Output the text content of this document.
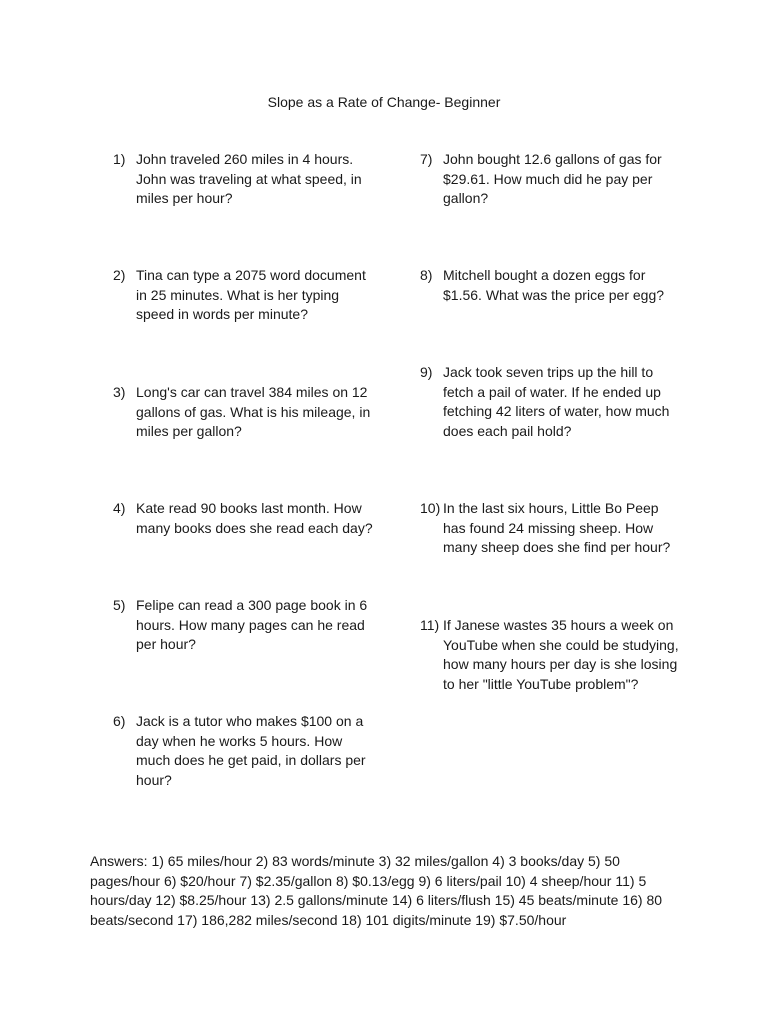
Slope as a Rate of Change- Beginner
1) John traveled 260 miles in 4 hours. John was traveling at what speed, in miles per hour?
2) Tina can type a 2075 word document in 25 minutes. What is her typing speed in words per minute?
3) Long's car can travel 384 miles on 12 gallons of gas. What is his mileage, in miles per gallon?
4) Kate read 90 books last month. How many books does she read each day?
5) Felipe can read a 300 page book in 6 hours. How many pages can he read per hour?
6) Jack is a tutor who makes $100 on a day when he works 5 hours. How much does he get paid, in dollars per hour?
7) John bought 12.6 gallons of gas for $29.61. How much did he pay per gallon?
8) Mitchell bought a dozen eggs for $1.56. What was the price per egg?
9) Jack took seven trips up the hill to fetch a pail of water. If he ended up fetching 42 liters of water, how much does each pail hold?
10) In the last six hours, Little Bo Peep has found 24 missing sheep. How many sheep does she find per hour?
11) If Janese wastes 35 hours a week on YouTube when she could be studying, how many hours per day is she losing to her "little YouTube problem"?
Answers: 1) 65 miles/hour 2) 83 words/minute 3) 32 miles/gallon 4) 3 books/day 5) 50 pages/hour 6) $20/hour 7) $2.35/gallon 8) $0.13/egg 9) 6 liters/pail 10) 4 sheep/hour 11) 5 hours/day 12) $8.25/hour 13) 2.5 gallons/minute 14) 6 liters/flush 15) 45 beats/minute 16) 80 beats/second 17) 186,282 miles/second 18) 101 digits/minute 19) $7.50/hour
